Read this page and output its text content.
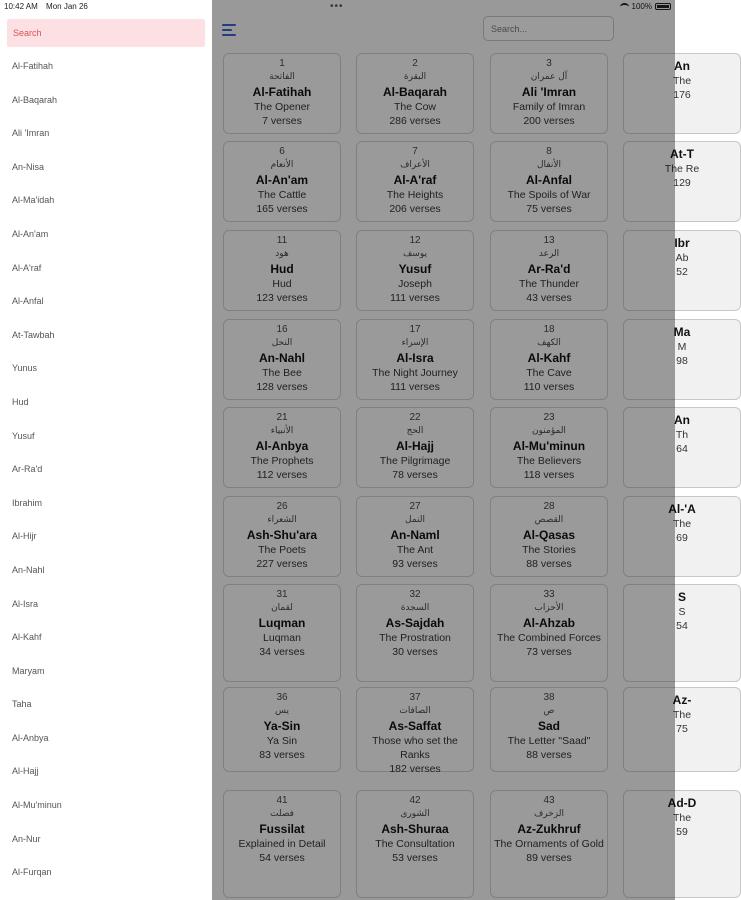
•••	100%
Search...
1
الفاتحة
Al-Fatihah
The Opener
7 verses
2
البقرة
Al-Baqarah
The Cow
286 verses
3
آل عمران
Ali 'Imran
Family of Imran
200 verses
An
The
176
6
الأنعام
Al-An'am
The Cattle
165 verses
7
الأعراف
Al-A'raf
The Heights
206 verses
8
الأنفال
Al-Anfal
The Spoils of War
75 verses
At-T
The Re
129
11
هود
Hud
Hud
123 verses
12
يوسف
Yusuf
Joseph
111 verses
13
الرعد
Ar-Ra'd
The Thunder
43 verses
Ibr
Ab
52
16
النحل
An-Nahl
The Bee
128 verses
17
الإسراء
Al-Isra
The Night Journey
111 verses
18
الكهف
Al-Kahf
The Cave
110 verses
Ma
M
98
21
الأنبياء
Al-Anbya
The Prophets
112 verses
22
الحج
Al-Hajj
The Pilgrimage
78 verses
23
المؤمنون
Al-Mu'minun
The Believers
118 verses
An
Th
64
26
الشعراء
Ash-Shu'ara
The Poets
227 verses
27
النمل
An-Naml
The Ant
93 verses
28
القصص
Al-Qasas
The Stories
88 verses
Al-'A
The
69
31
لقمان
Luqman
Luqman
34 verses
32
السجدة
As-Sajdah
The Prostration
30 verses
33
الأحزاب
Al-Ahzab
The Combined Forces
73 verses
S
S
54
36
يس
Ya-Sin
Ya Sin
83 verses
37
الصافات
As-Saffat
Those who set the Ranks
182 verses
38
ص
Sad
The Letter "Saad"
88 verses
Az-
The
75
41
فصلت
Fussilat
Explained in Detail
54 verses
42
الشورى
Ash-Shuraa
The Consultation
53 verses
43
الزخرف
Az-Zukhruf
The Ornaments of Gold
89 verses
Ad-D
The
59
10:42 AM Mon Jan 26
Search
Al-Fatihah
Al-Baqarah
Ali 'Imran
An-Nisa
Al-Ma'idah
Al-An'am
Al-A'raf
Al-Anfal
At-Tawbah
Yunus
Hud
Yusuf
Ar-Ra'd
Ibrahim
Al-Hijr
An-Nahl
Al-Isra
Al-Kahf
Maryam
Taha
Al-Anbya
Al-Hajj
Al-Mu'minun
An-Nur
Al-Furqan
